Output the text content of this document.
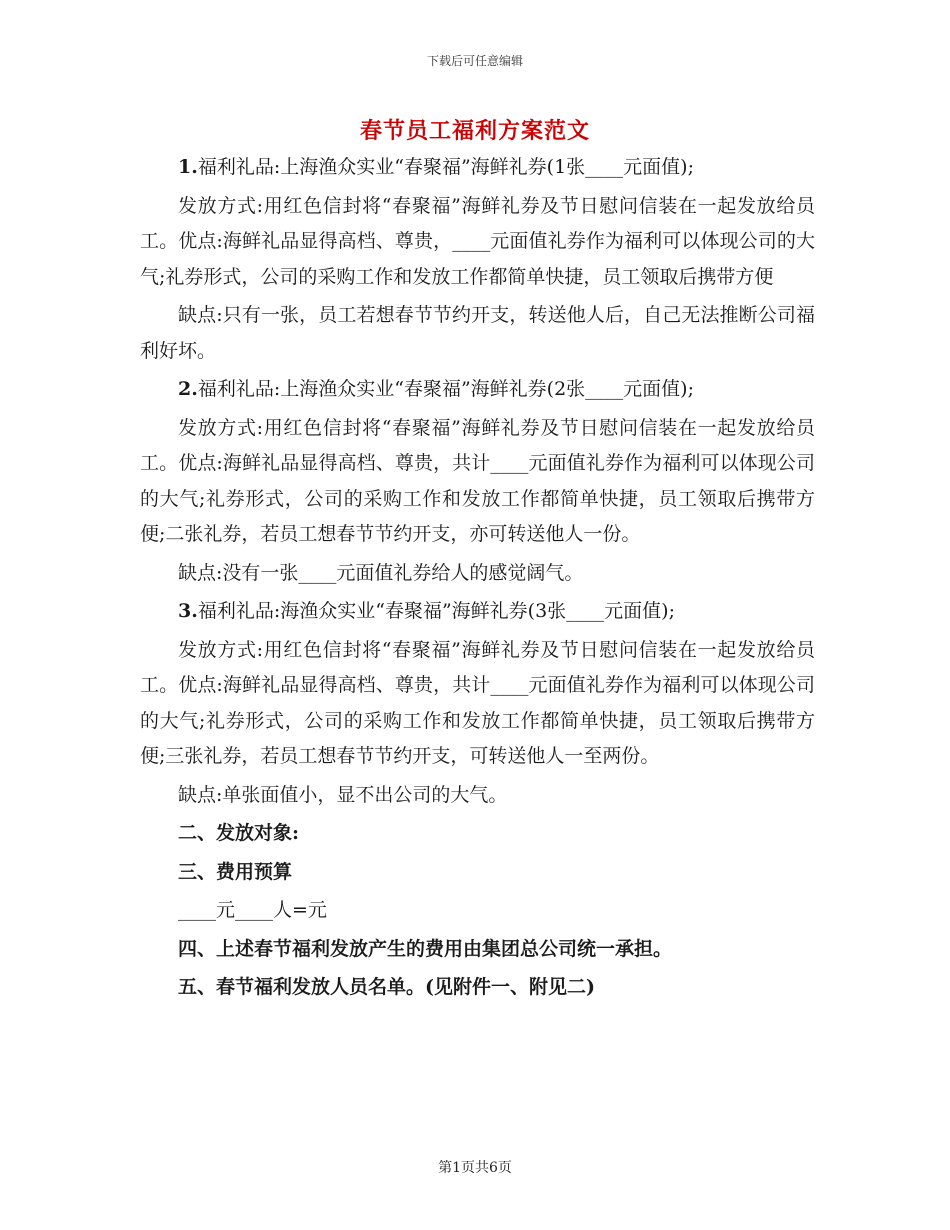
下载后可任意编辑
春节员工福利方案范文

1.福利礼品:上海渔众实业“春聚福”海鲜礼券(1张____元面值);

发放方式:用红色信封将“春聚福”海鲜礼券及节日慰问信装在一起发放给员工。优点:海鲜礼品显得高档、尊贵，____元面值礼券作为福利可以体现公司的大气;礼券形式，公司的采购工作和发放工作都简单快捷，员工领取后携带方便

缺点:只有一张，员工若想春节节约开支，转送他人后，自己无法推断公司福利好坏。

2.福利礼品:上海渔众实业“春聚福”海鲜礼券(2张____元面值);

发放方式:用红色信封将“春聚福”海鲜礼券及节日慰问信装在一起发放给员工。优点:海鲜礼品显得高档、尊贵，共计____元面值礼券作为福利可以体现公司的大气;礼券形式，公司的采购工作和发放工作都简单快捷，员工领取后携带方便;二张礼券，若员工想春节节约开支，亦可转送他人一份。

缺点:没有一张____元面值礼券给人的感觉阔气。

3.福利礼品:海渔众实业“春聚福”海鲜礼券(3张____元面值);

发放方式:用红色信封将“春聚福”海鲜礼券及节日慰问信装在一起发放给员工。优点:海鲜礼品显得高档、尊贵，共计____元面值礼券作为福利可以体现公司的大气;礼券形式，公司的采购工作和发放工作都简单快捷，员工领取后携带方便;三张礼券，若员工想春节节约开支，可转送他人一至两份。

缺点:单张面值小，显不出公司的大气。

二、发放对象:

三、费用预算

____元____人=元

四、上述春节福利发放产生的费用由集团总公司统一承担。

五、春节福利发放人员名单。(见附件一、附见二)

第1页共6页
